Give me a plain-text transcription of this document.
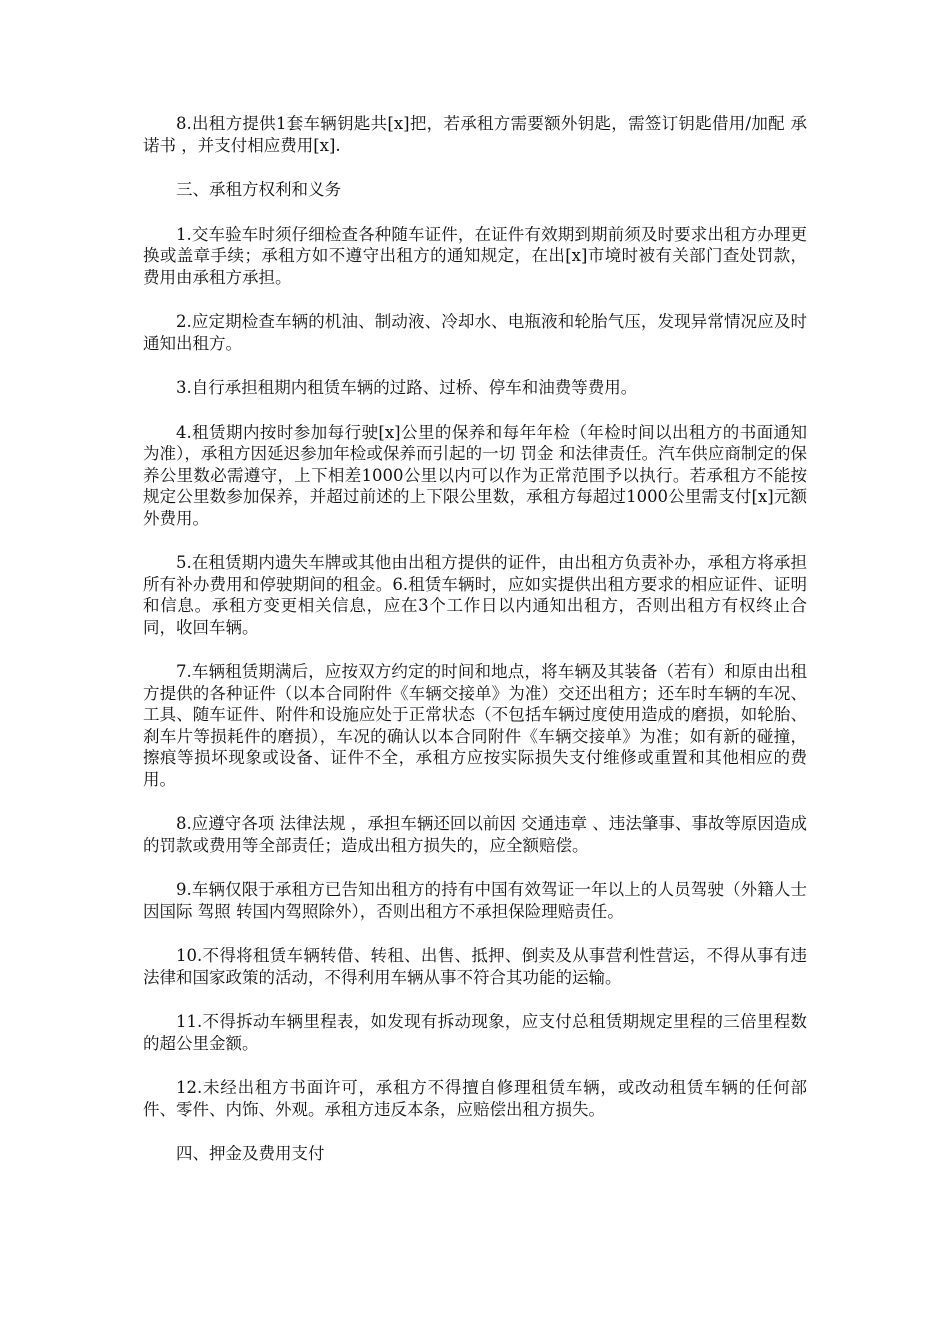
8.出租方提供1套车辆钥匙共[x]把，若承租方需要额外钥匙，需签订钥匙借用/加配 承诺书 ，并支付相应费用[x].

三、承租方权利和义务

1.交车验车时须仔细检查各种随车证件，在证件有效期到期前须及时要求出租方办理更换或盖章手续；承租方如不遵守出租方的通知规定，在出[x]市境时被有关部门查处罚款，费用由承租方承担。

2.应定期检查车辆的机油、制动液、冷却水、电瓶液和轮胎气压，发现异常情况应及时通知出租方。

3.自行承担租期内租赁车辆的过路、过桥、停车和油费等费用。

4.租赁期内按时参加每行驶[x]公里的保养和每年年检（年检时间以出租方的书面通知为准），承租方因延迟参加年检或保养而引起的一切 罚金 和法律责任。汽车供应商制定的保养公里数必需遵守，上下相差1000公里以内可以作为正常范围予以执行。若承租方不能按规定公里数参加保养，并超过前述的上下限公里数，承租方每超过1000公里需支付[x]元额外费用。

5.在租赁期内遗失车牌或其他由出租方提供的证件，由出租方负责补办，承租方将承担所有补办费用和停驶期间的租金。6.租赁车辆时，应如实提供出租方要求的相应证件、证明和信息。承租方变更相关信息，应在3个工作日以内通知出租方，否则出租方有权终止合同，收回车辆。

7.车辆租赁期满后，应按双方约定的时间和地点，将车辆及其装备（若有）和原由出租方提供的各种证件（以本合同附件《车辆交接单》为准）交还出租方；还车时车辆的车况、工具、随车证件、附件和设施应处于正常状态（不包括车辆过度使用造成的磨损，如轮胎、刹车片等损耗件的磨损），车况的确认以本合同附件《车辆交接单》为准；如有新的碰撞，擦痕等损坏现象或设备、证件不全，承租方应按实际损失支付维修或重置和其他相应的费用。

8.应遵守各项 法律法规 ，承担车辆还回以前因 交通违章 、违法肇事、事故等原因造成的罚款或费用等全部责任；造成出租方损失的，应全额赔偿。

9.车辆仅限于承租方已告知出租方的持有中国有效驾证一年以上的人员驾驶（外籍人士因国际 驾照 转国内驾照除外），否则出租方不承担保险理赔责任。

10.不得将租赁车辆转借、转租、出售、抵押、倒卖及从事营利性营运，不得从事有违法律和国家政策的活动，不得利用车辆从事不符合其功能的运输。

11.不得拆动车辆里程表，如发现有拆动现象，应支付总租赁期规定里程的三倍里程数的超公里金额。

12.未经出租方书面许可，承租方不得擅自修理租赁车辆，或改动租赁车辆的任何部件、零件、内饰、外观。承租方违反本条，应赔偿出租方损失。

四、押金及费用支付
